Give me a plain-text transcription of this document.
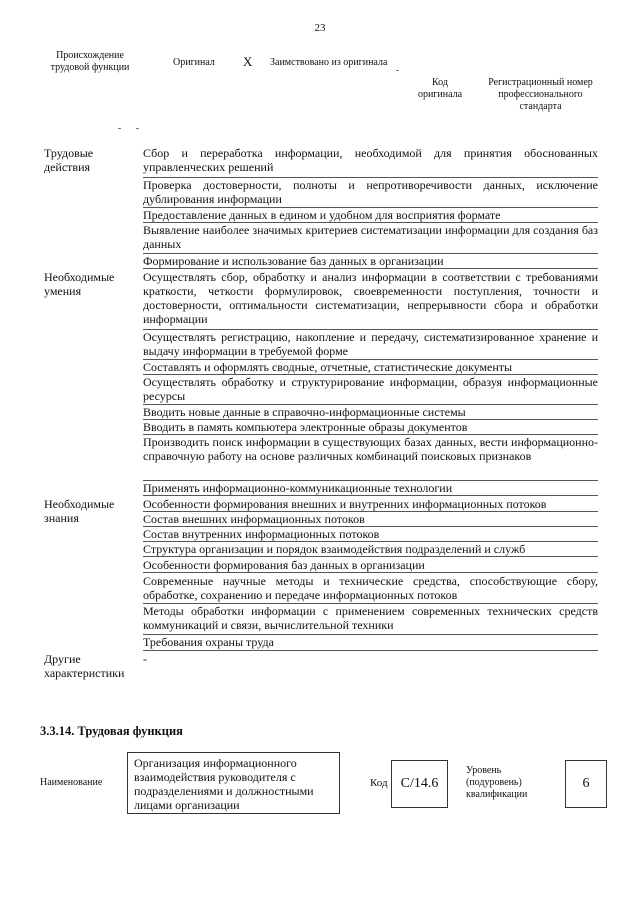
23
Происхождение трудовой функции	Оригинал X Заимствовано из оригинала
Код оригинала
Регистрационный номер профессионального стандарта
Трудовые действия
Сбор и переработка информации, необходимой для принятия обоснованных управленческих решений
Проверка достоверности, полноты и непротиворечивости данных, исключение дублирования информации
Предоставление данных в едином и удобном для восприятия формате
Выявление наиболее значимых критериев систематизации информации для создания баз данных
Формирование и использование баз данных в организации
Необходимые умения
Осуществлять сбор, обработку и анализ информации в соответствии с требованиями краткости, четкости формулировок, своевременности поступления, точности и достоверности, оптимальности систематизации, непрерывности сбора и обработки информации
Осуществлять регистрацию, накопление и передачу, систематизированное хранение и выдачу информации в требуемой форме
Составлять и оформлять сводные, отчетные, статистические документы
Осуществлять обработку и структурирование информации, образуя информационные ресурсы
Вводить новые данные в справочно-информационные системы
Вводить в память компьютера электронные образы документов
Производить поиск информации в существующих базах данных, вести информационно-справочную работу на основе различных комбинаций поисковых признаков
Применять информационно-коммуникационные технологии
Необходимые знания
Особенности формирования внешних и внутренних информационных потоков
Состав внешних информационных потоков
Состав внутренних информационных потоков
Структура организации и порядок взаимодействия подразделений и служб
Особенности формирования баз данных в организации
Современные научные методы и технические средства, способствующие сбору, обработке, сохранению и передаче информационных потоков
Методы обработки информации с применением современных технических средств коммуникаций и связи, вычислительной техники
Требования охраны труда
Другие характеристики
-
3.3.14. Трудовая функция
Наименование
Организация информационного взаимодействия руководителя с подразделениями и должностными лицами организации
Код C/14.6
Уровень (подуровень) квалификации
6
